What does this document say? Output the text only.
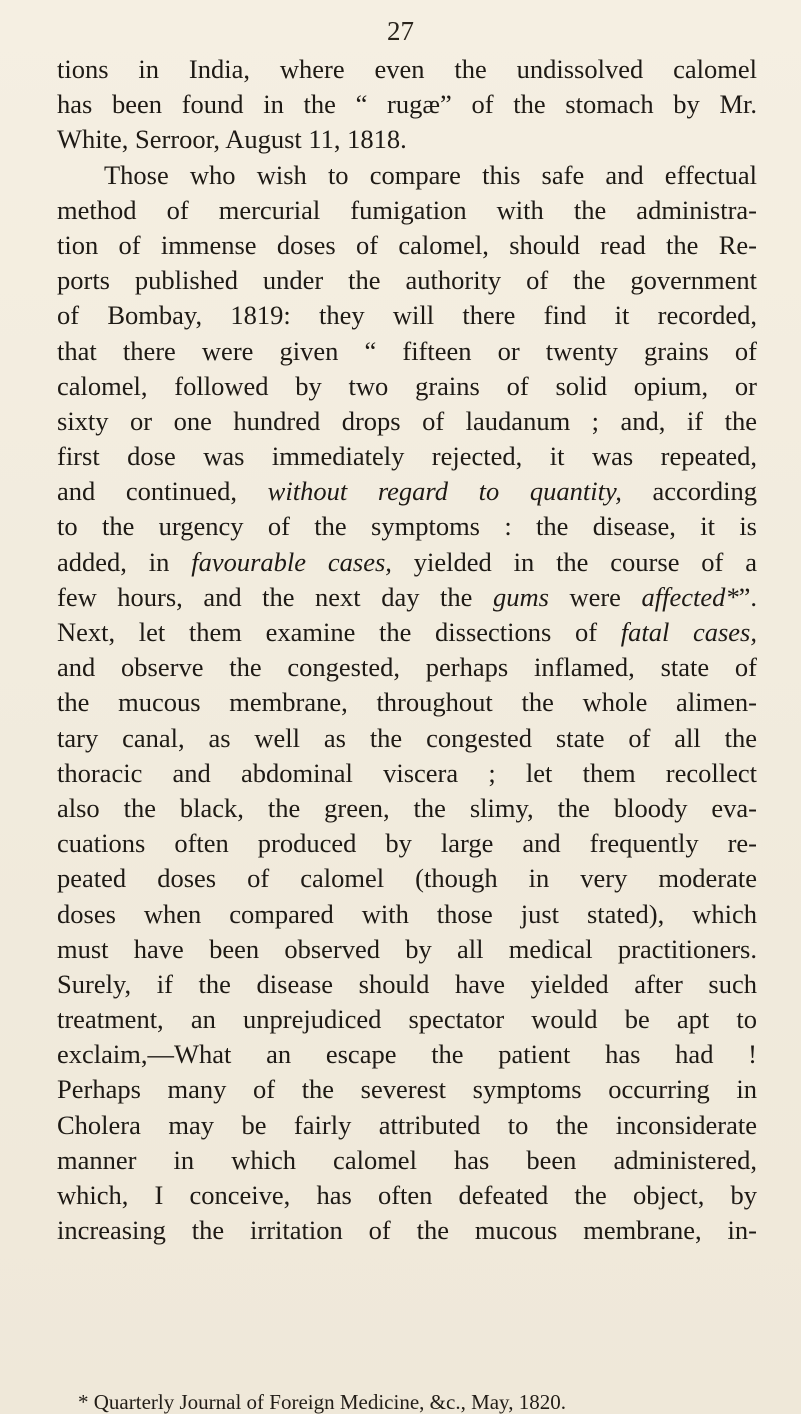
27
tions in India, where even the undissolved calomel
has been found in the “ rugæ” of the stomach by Mr.
White, Serroor, August 11, 1818.
Those who wish to compare this safe and effectual
method of mercurial fumigation with the administra-
tion of immense doses of calomel, should read the Re-
ports published under the authority of the government
of Bombay, 1819: they will there find it recorded,
that there were given “ fifteen or twenty grains of
calomel, followed by two grains of solid opium, or
sixty or one hundred drops of laudanum ; and, if the
first dose was immediately rejected, it was repeated,
and continued, without regard to quantity, according
to the urgency of the symptoms : the disease, it is
added, in favourable cases, yielded in the course of a
few hours, and the next day the gums were affected*”.
Next, let them examine the dissections of fatal cases,
and observe the congested, perhaps inflamed, state of
the mucous membrane, throughout the whole alimen-
tary canal, as well as the congested state of all the
thoracic and abdominal viscera ; let them recollect
also the black, the green, the slimy, the bloody eva-
cuations often produced by large and frequently re-
peated doses of calomel (though in very moderate
doses when compared with those just stated), which
must have been observed by all medical practitioners.
Surely, if the disease should have yielded after such
treatment, an unprejudiced spectator would be apt to
exclaim,—What an escape the patient has had !
Perhaps many of the severest symptoms occurring in
Cholera may be fairly attributed to the inconsiderate
manner in which calomel has been administered,
which, I conceive, has often defeated the object, by
increasing the irritation of the mucous membrane, in-
* Quarterly Journal of Foreign Medicine, &c., May, 1820.
